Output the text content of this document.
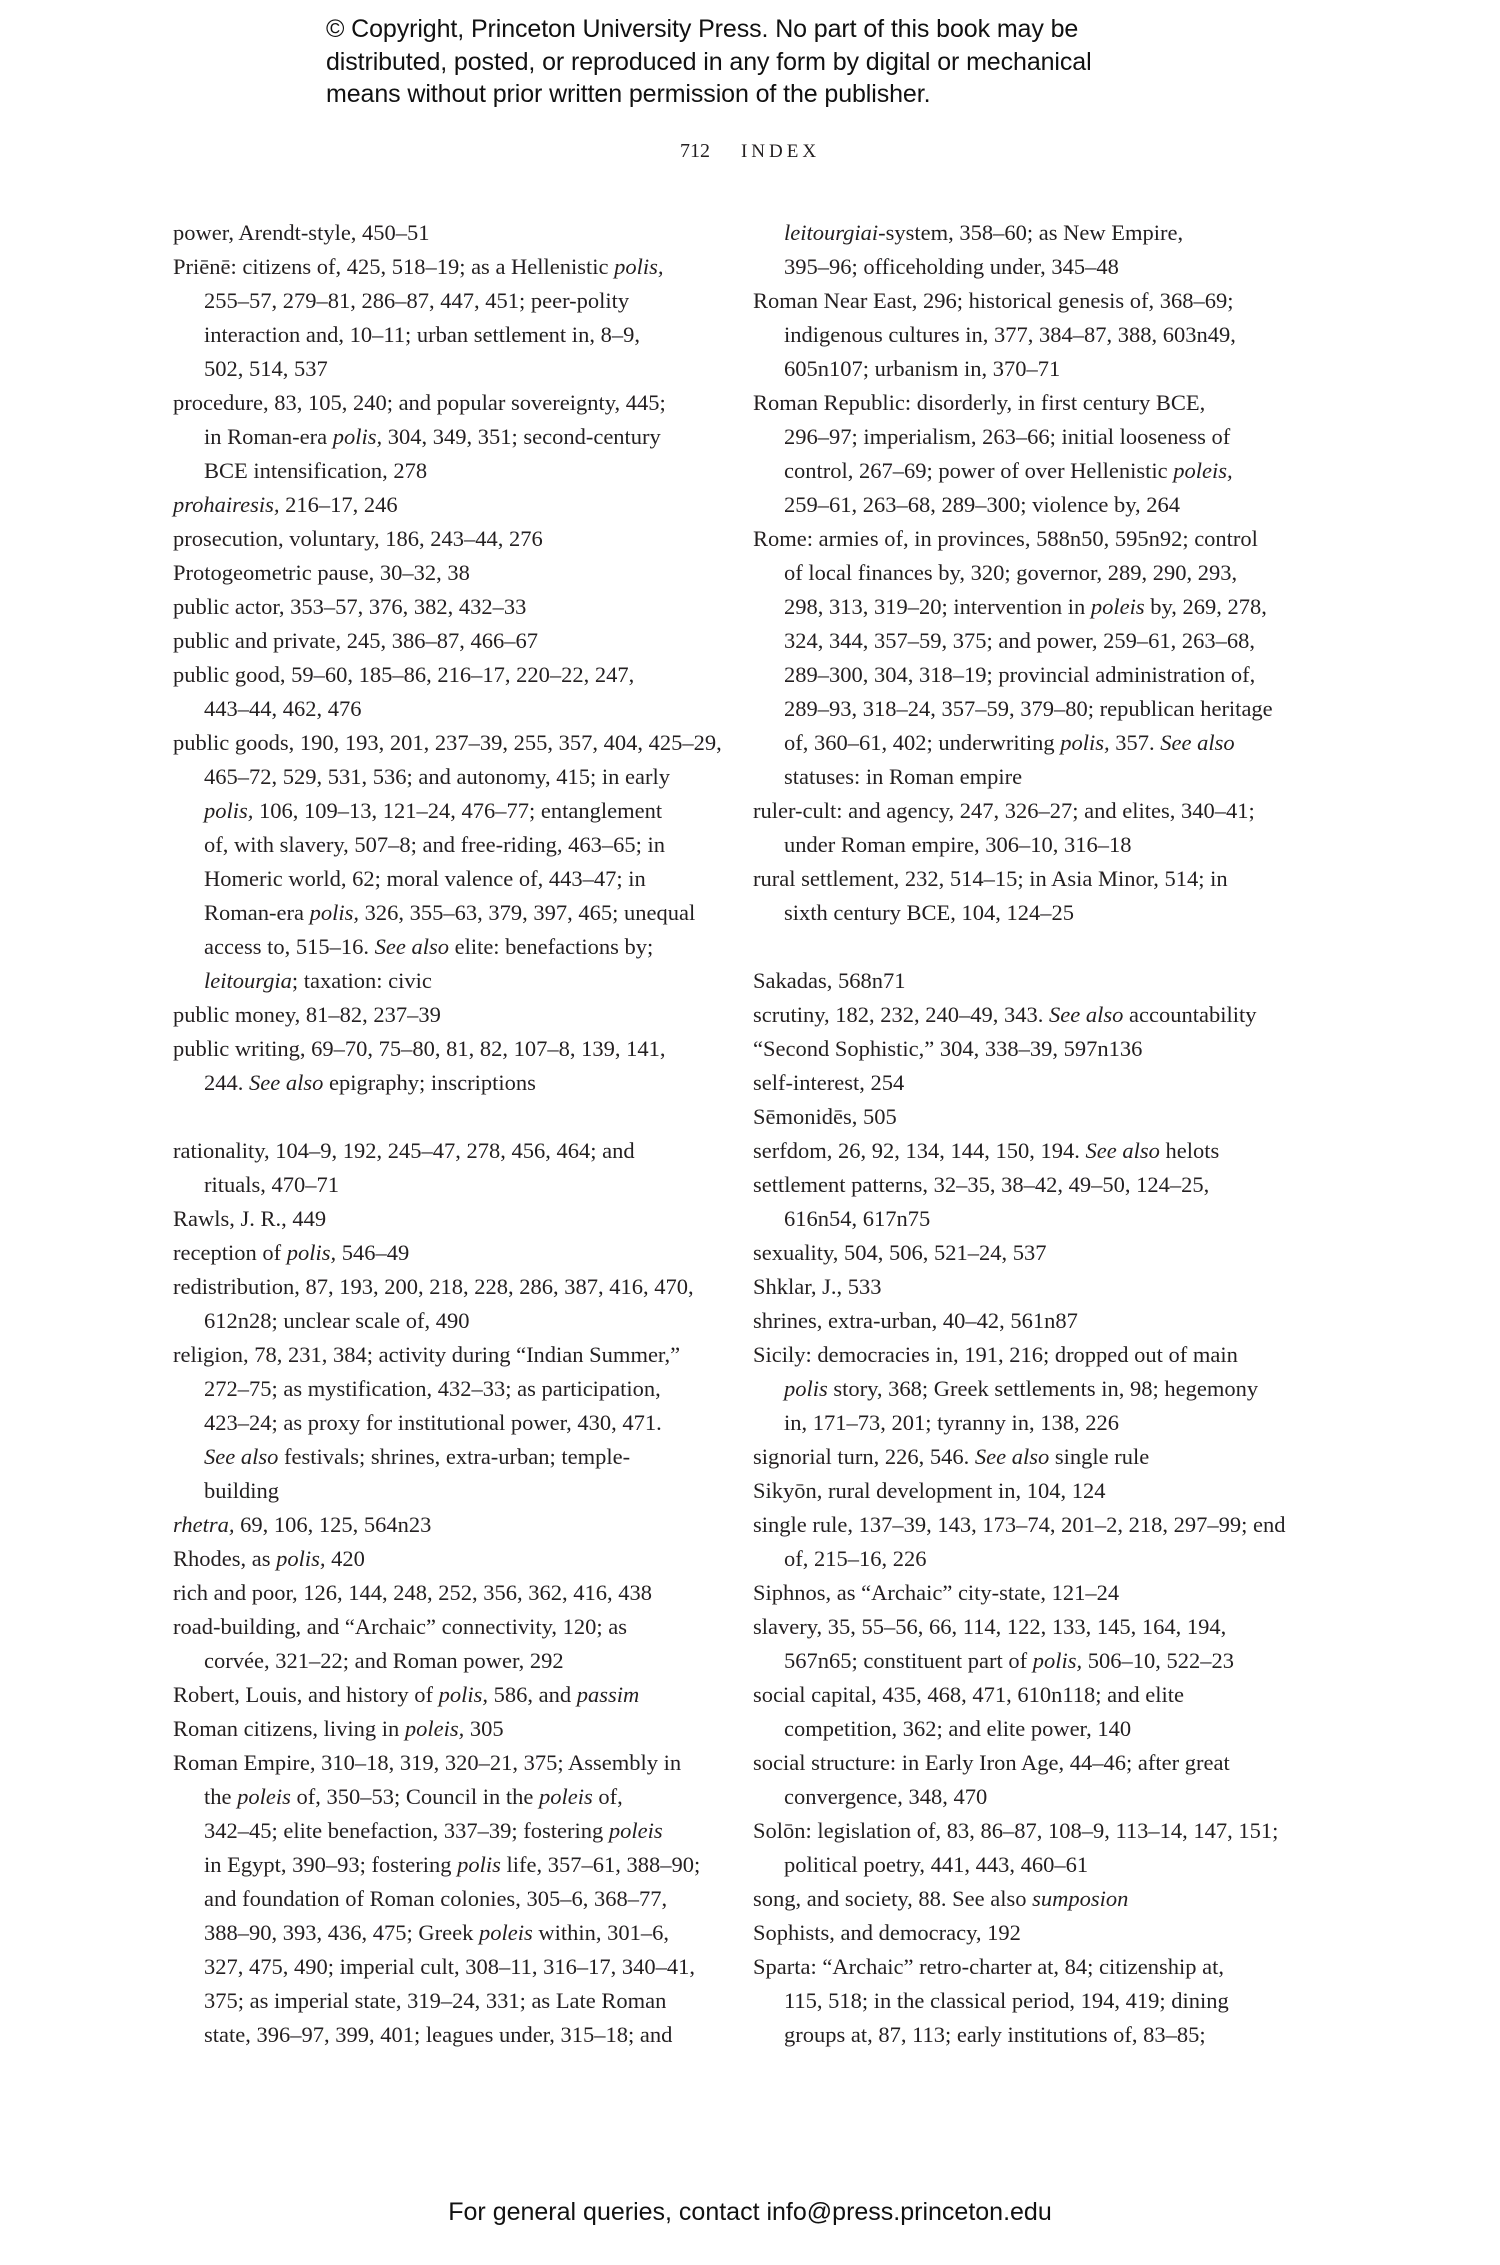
© Copyright, Princeton University Press. No part of this book may be
distributed, posted, or reproduced in any form by digital or mechanical
means without prior written permission of the publisher.
712 INDEX
power, Arendt-style, 450–51
Priēnē: citizens of, 425, 518–19; as a Hellenistic polis,
255–57, 279–81, 286–87, 447, 451; peer-polity
interaction and, 10–11; urban settlement in, 8–9,
502, 514, 537
procedure, 83, 105, 240; and popular sovereignty, 445;
in Roman-era polis, 304, 349, 351; second-century
BCE intensification, 278
prohairesis, 216–17, 246
prosecution, voluntary, 186, 243–44, 276
Protogeometric pause, 30–32, 38
public actor, 353–57, 376, 382, 432–33
public and private, 245, 386–87, 466–67
public good, 59–60, 185–86, 216–17, 220–22, 247,
443–44, 462, 476
public goods, 190, 193, 201, 237–39, 255, 357, 404, 425–29,
465–72, 529, 531, 536; and autonomy, 415; in early
polis, 106, 109–13, 121–24, 476–77; entanglement
of, with slavery, 507–8; and free-riding, 463–65; in
Homeric world, 62; moral valence of, 443–47; in
Roman-era polis, 326, 355–63, 379, 397, 465; unequal
access to, 515–16. See also elite: benefactions by;
leitourgia; taxation: civic
public money, 81–82, 237–39
public writing, 69–70, 75–80, 81, 82, 107–8, 139, 141,
244. See also epigraphy; inscriptions
rationality, 104–9, 192, 245–47, 278, 456, 464; and
rituals, 470–71
Rawls, J. R., 449
reception of polis, 546–49
redistribution, 87, 193, 200, 218, 228, 286, 387, 416, 470,
612n28; unclear scale of, 490
religion, 78, 231, 384; activity during “Indian Summer,”
272–75; as mystification, 432–33; as participation,
423–24; as proxy for institutional power, 430, 471.
See also festivals; shrines, extra-urban; temple-
building
rhetra, 69, 106, 125, 564n23
Rhodes, as polis, 420
rich and poor, 126, 144, 248, 252, 356, 362, 416, 438
road-building, and “Archaic” connectivity, 120; as
corvée, 321–22; and Roman power, 292
Robert, Louis, and history of polis, 586, and passim
Roman citizens, living in poleis, 305
Roman Empire, 310–18, 319, 320–21, 375; Assembly in
the poleis of, 350–53; Council in the poleis of,
342–45; elite benefaction, 337–39; fostering poleis
in Egypt, 390–93; fostering polis life, 357–61, 388–90;
and foundation of Roman colonies, 305–6, 368–77,
388–90, 393, 436, 475; Greek poleis within, 301–6,
327, 475, 490; imperial cult, 308–11, 316–17, 340–41,
375; as imperial state, 319–24, 331; as Late Roman
state, 396–97, 399, 401; leagues under, 315–18; and
leitourgiai-system, 358–60; as New Empire,
395–96; officeholding under, 345–48
Roman Near East, 296; historical genesis of, 368–69;
indigenous cultures in, 377, 384–87, 388, 603n49,
605n107; urbanism in, 370–71
Roman Republic: disorderly, in first century BCE,
296–97; imperialism, 263–66; initial looseness of
control, 267–69; power of over Hellenistic poleis,
259–61, 263–68, 289–300; violence by, 264
Rome: armies of, in provinces, 588n50, 595n92; control
of local finances by, 320; governor, 289, 290, 293,
298, 313, 319–20; intervention in poleis by, 269, 278,
324, 344, 357–59, 375; and power, 259–61, 263–68,
289–300, 304, 318–19; provincial administration of,
289–93, 318–24, 357–59, 379–80; republican heritage
of, 360–61, 402; underwriting polis, 357. See also
statuses: in Roman empire
ruler-cult: and agency, 247, 326–27; and elites, 340–41;
under Roman empire, 306–10, 316–18
rural settlement, 232, 514–15; in Asia Minor, 514; in
sixth century BCE, 104, 124–25
Sakadas, 568n71
scrutiny, 182, 232, 240–49, 343. See also accountability
“Second Sophistic,” 304, 338–39, 597n136
self-interest, 254
Sēmonidēs, 505
serfdom, 26, 92, 134, 144, 150, 194. See also helots
settlement patterns, 32–35, 38–42, 49–50, 124–25,
616n54, 617n75
sexuality, 504, 506, 521–24, 537
Shklar, J., 533
shrines, extra-urban, 40–42, 561n87
Sicily: democracies in, 191, 216; dropped out of main
polis story, 368; Greek settlements in, 98; hegemony
in, 171–73, 201; tyranny in, 138, 226
signorial turn, 226, 546. See also single rule
Sikyōn, rural development in, 104, 124
single rule, 137–39, 143, 173–74, 201–2, 218, 297–99; end
of, 215–16, 226
Siphnos, as “Archaic” city-state, 121–24
slavery, 35, 55–56, 66, 114, 122, 133, 145, 164, 194,
567n65; constituent part of polis, 506–10, 522–23
social capital, 435, 468, 471, 610n118; and elite
competition, 362; and elite power, 140
social structure: in Early Iron Age, 44–46; after great
convergence, 348, 470
Solōn: legislation of, 83, 86–87, 108–9, 113–14, 147, 151;
political poetry, 441, 443, 460–61
song, and society, 88. See also sumposion
Sophists, and democracy, 192
Sparta: “Archaic” retro-charter at, 84; citizenship at,
115, 518; in the classical period, 194, 419; dining
groups at, 87, 113; early institutions of, 83–85;
For general queries, contact info@press.princeton.edu
